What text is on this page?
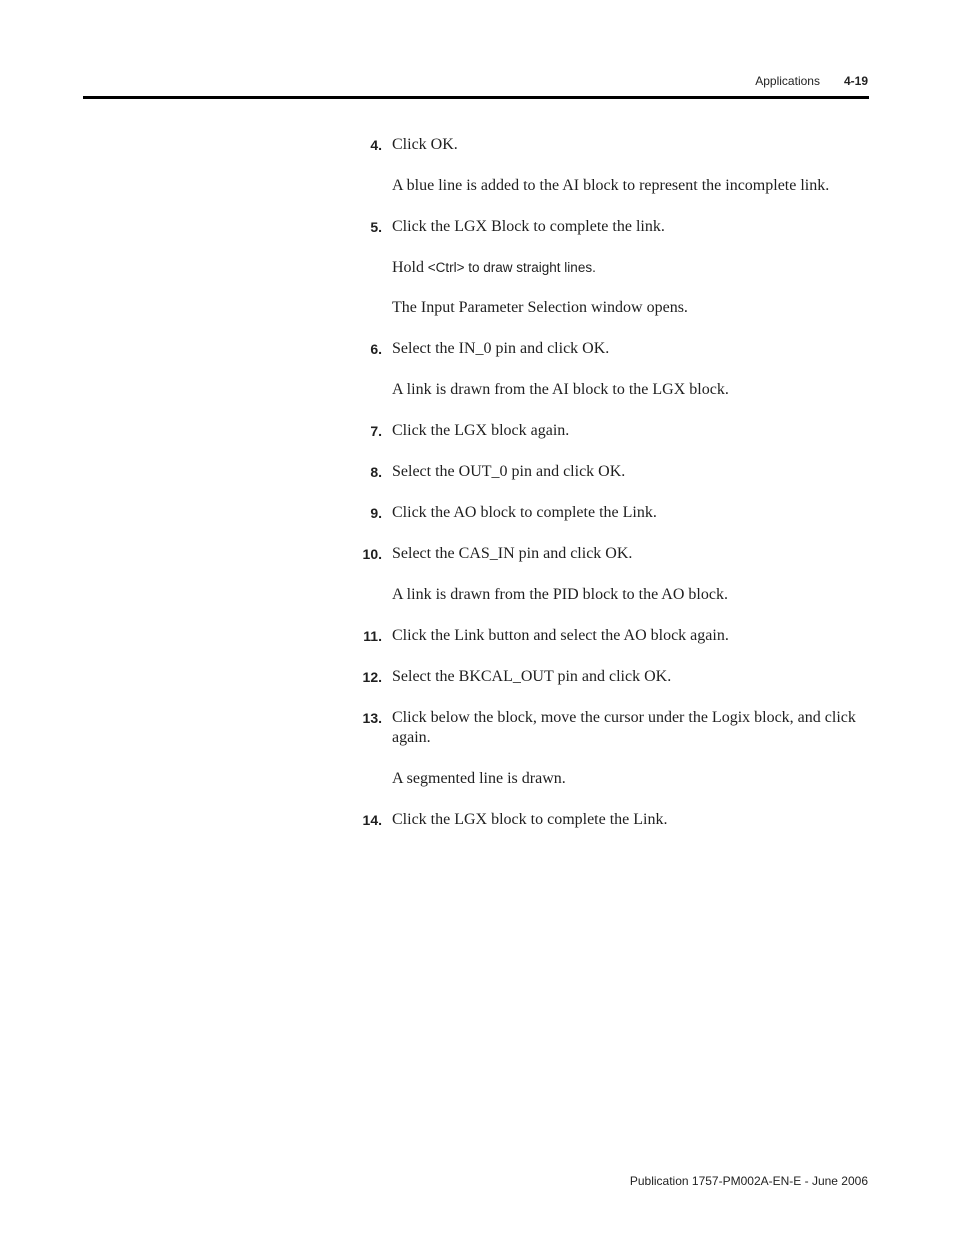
Applications 4-19
4. Click OK.
A blue line is added to the AI block to represent the incomplete link.
5. Click the LGX Block to complete the link.
Hold <Ctrl> to draw straight lines.
The Input Parameter Selection window opens.
6. Select the IN_0 pin and click OK.
A link is drawn from the AI block to the LGX block.
7. Click the LGX block again.
8. Select the OUT_0 pin and click OK.
9. Click the AO block to complete the Link.
10. Select the CAS_IN pin and click OK.
A link is drawn from the PID block to the AO block.
11. Click the Link button and select the AO block again.
12. Select the BKCAL_OUT pin and click OK.
13. Click below the block, move the cursor under the Logix block, and click again.
A segmented line is drawn.
14. Click the LGX block to complete the Link.
Publication 1757-PM002A-EN-E - June 2006
